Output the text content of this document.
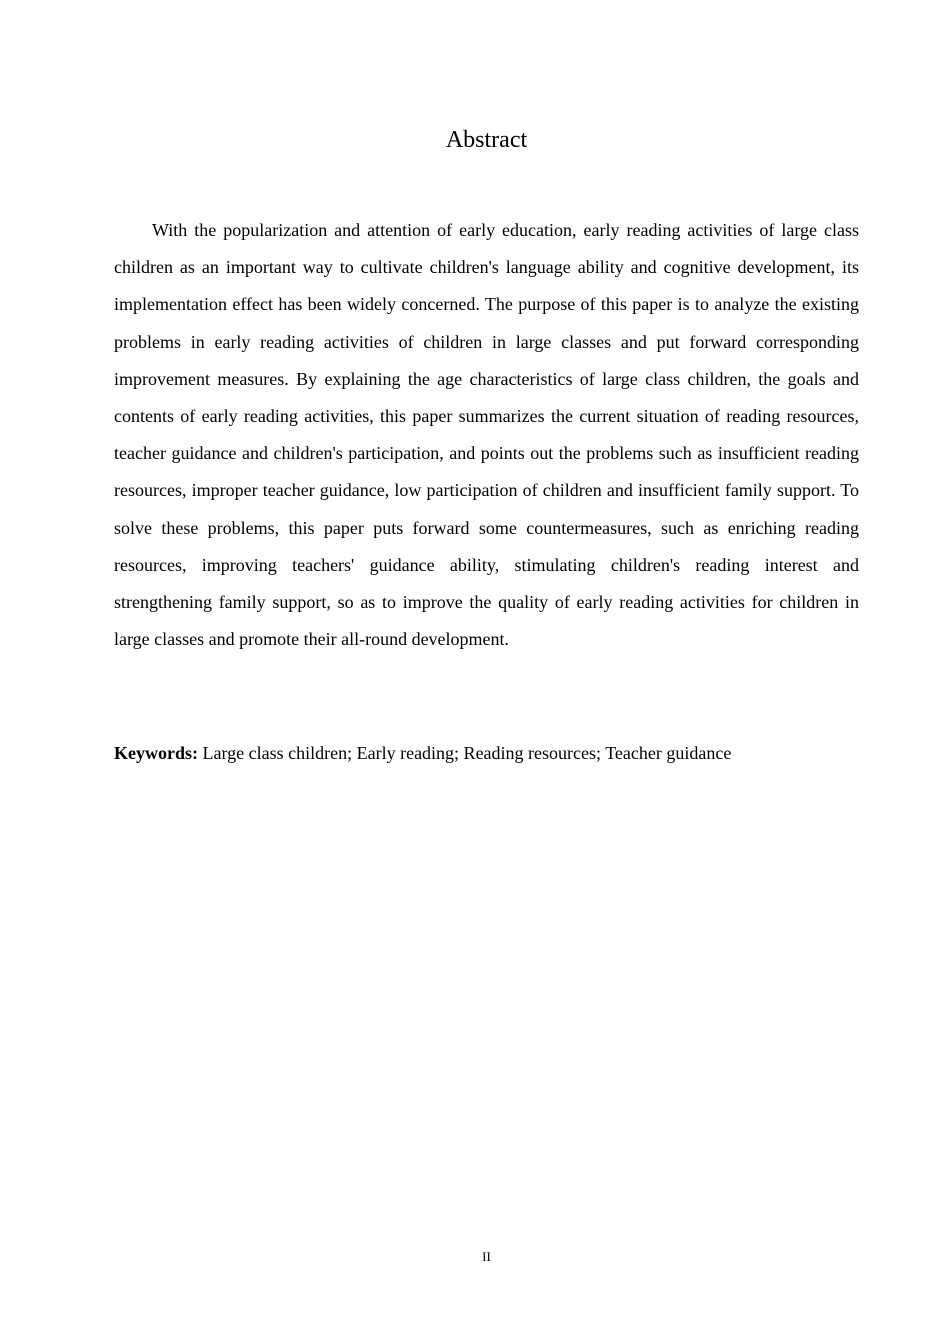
Abstract

With the popularization and attention of early education, early reading activities of large class children as an important way to cultivate children's language ability and cognitive development, its implementation effect has been widely concerned. The purpose of this paper is to analyze the existing problems in early reading activities of children in large classes and put forward corresponding improvement measures. By explaining the age characteristics of large class children, the goals and contents of early reading activities, this paper summarizes the current situation of reading resources, teacher guidance and children's participation, and points out the problems such as insufficient reading resources, improper teacher guidance, low participation of children and insufficient family support. To solve these problems, this paper puts forward some countermeasures, such as enriching reading resources, improving teachers' guidance ability, stimulating children's reading interest and strengthening family support, so as to improve the quality of early reading activities for children in large classes and promote their all-round development.

Keywords: Large class children; Early reading; Reading resources; Teacher guidance

II
